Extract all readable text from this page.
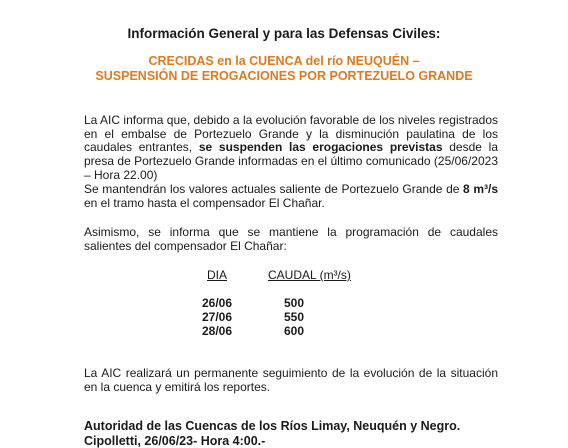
Información General y para las Defensas Civiles:
CRECIDAS en la CUENCA del río NEUQUÉN –
SUSPENSIÓN DE EROGACIONES POR PORTEZUELO GRANDE
La AIC informa que, debido a la evolución favorable de los niveles registrados en el embalse de Portezuelo Grande y la disminución paulatina de los caudales entrantes, se suspenden las erogaciones previstas desde la presa de Portezuelo Grande informadas en el último comunicado (25/06/2023 – Hora 22.00)
Se mantendrán los valores actuales saliente de Portezuelo Grande de 8 m³/s en el tramo hasta el compensador El Chañar.
Asimismo, se informa que se mantiene la programación de caudales salientes del compensador El Chañar:
DIA	CAUDAL (m³/s)
26/06	500
27/06	550
28/06	600
La AIC realizará un permanente seguimiento de la evolución de la situación en la cuenca y emitirá los reportes.
Autoridad de las Cuencas de los Ríos Limay, Neuquén y Negro.
Cipolletti, 26/06/23- Hora 4:00.-
